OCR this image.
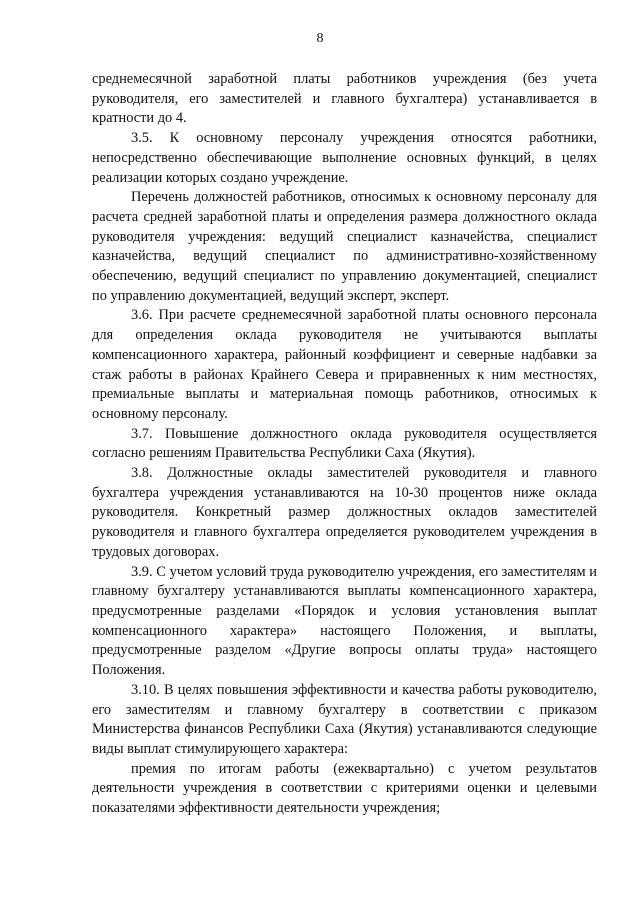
8

среднемесячной заработной платы работников учреждения (без учета руководителя, его заместителей и главного бухгалтера) устанавливается в кратности до 4.

3.5. К основному персоналу учреждения относятся работники, непосредственно обеспечивающие выполнение основных функций, в целях реализации которых создано учреждение.

Перечень должностей работников, относимых к основному персоналу для расчета средней заработной платы и определения размера должностного оклада руководителя учреждения: ведущий специалист казначейства, специалист казначейства, ведущий специалист по административно-хозяйственному обеспечению, ведущий специалист по управлению документацией, специалист по управлению документацией, ведущий эксперт, эксперт.

3.6. При расчете среднемесячной заработной платы основного персонала для определения оклада руководителя не учитываются выплаты компенсационного характера, районный коэффициент и северные надбавки за стаж работы в районах Крайнего Севера и приравненных к ним местностях, премиальные выплаты и материальная помощь работников, относимых к основному персоналу.

3.7. Повышение должностного оклада руководителя осуществляется согласно решениям Правительства Республики Саха (Якутия).

3.8. Должностные оклады заместителей руководителя и главного бухгалтера учреждения устанавливаются на 10-30 процентов ниже оклада руководителя. Конкретный размер должностных окладов заместителей руководителя и главного бухгалтера определяется руководителем учреждения в трудовых договорах.

3.9. С учетом условий труда руководителю учреждения, его заместителям и главному бухгалтеру устанавливаются выплаты компенсационного характера, предусмотренные разделами «Порядок и условия установления выплат компенсационного характера» настоящего Положения, и выплаты, предусмотренные разделом «Другие вопросы оплаты труда» настоящего Положения.

3.10. В целях повышения эффективности и качества работы руководителю, его заместителям и главному бухгалтеру в соответствии с приказом Министерства финансов Республики Саха (Якутия) устанавливаются следующие виды выплат стимулирующего характера:

премия по итогам работы (ежеквартально) с учетом результатов деятельности учреждения в соответствии с критериями оценки и целевыми показателями эффективности деятельности учреждения;
